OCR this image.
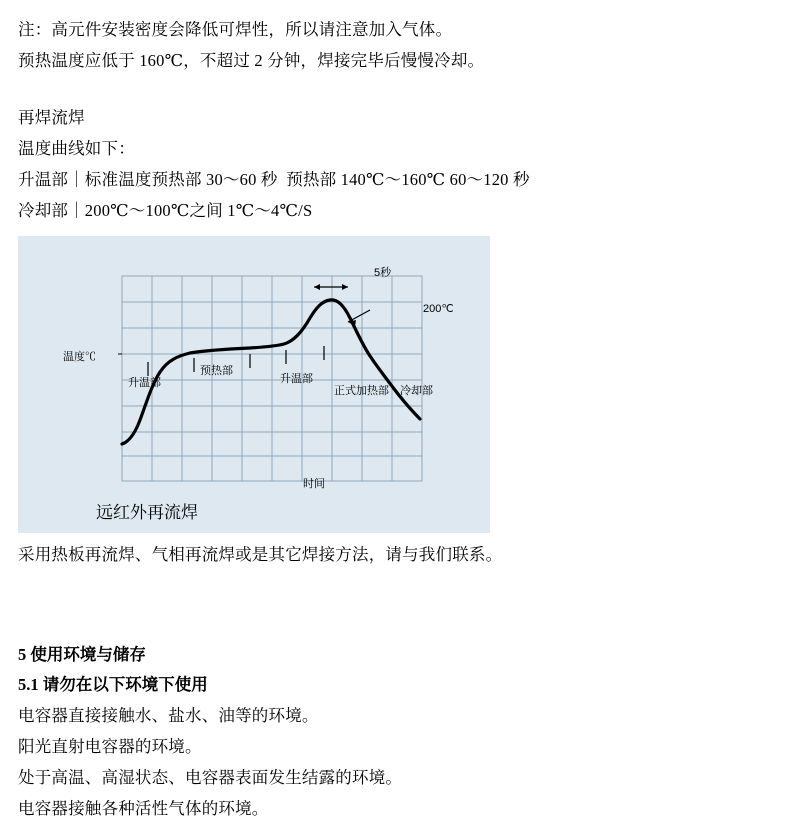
注：高元件安装密度会降低可焊性，所以请注意加入气体。

预热温度应低于 160℃，不超过 2 分钟，焊接完毕后慢慢冷却。

再焊流焊

温度曲线如下：

升温部｜标准温度预热部 30～60 秒  预热部 140℃～160℃ 60～120 秒

冷却部｜200℃～100℃之间 1℃～4℃/S

温度℃
时间
5秒
200℃
升温部
预热部
升温部
正式加热部 冷却部
远红外再流焊

采用热板再流焊、气相再流焊或是其它焊接方法，请与我们联系。

5 使用环境与储存

5.1 请勿在以下环境下使用

电容器直接接触水、盐水、油等的环境。

阳光直射电容器的环境。

处于高温、高湿状态、电容器表面发生结露的环境。

电容器接触各种活性气体的环境。
